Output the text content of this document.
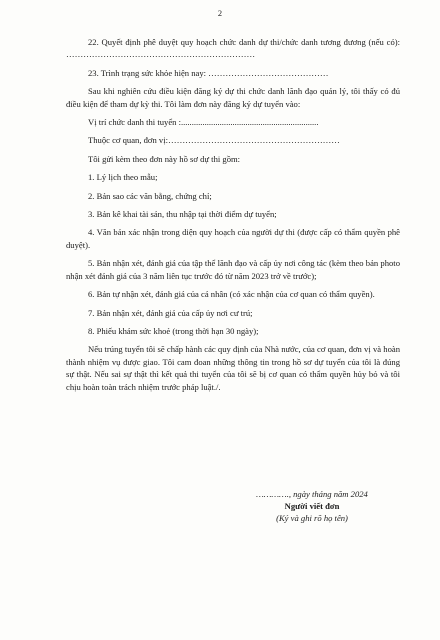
2

22. Quyết định phê duyệt quy hoạch chức danh dự thi/chức danh tương đương (nếu có): …………………………………………………………

23. Trình trạng sức khỏe hiện nay: ……………………………………

Sau khi nghiên cứu điều kiện đăng ký dự thi chức danh lãnh đạo quản lý, tôi thấy có đủ điều kiện để tham dự kỳ thi. Tôi làm đơn này đăng ký dự tuyển vào:

Vị trí chức danh thi tuyển :................................................................

Thuộc cơ quan, đơn vị:……………………………………………………

Tôi gửi kèm theo đơn này hồ sơ dự thi gồm:

1. Lý lịch theo mẫu;

2. Bản sao các văn bằng, chứng chỉ;

3. Bản kê khai tài sản, thu nhập tại thời điểm dự tuyển;

4. Văn bản xác nhận trong diện quy hoạch của người dự thi (được cấp có thẩm quyền phê duyệt).

5. Bản nhận xét, đánh giá của tập thể lãnh đạo và cấp ủy nơi công tác (kèm theo bản photo nhận xét đánh giá của 3 năm liên tục trước đó từ năm 2023 trở về trước);

6. Bản tự nhận xét, đánh giá của cá nhân (có xác nhận của cơ quan có thẩm quyền).

7. Bản nhận xét, đánh giá của cấp ủy nơi cư trú;

8. Phiếu khám sức khoẻ (trong thời hạn 30 ngày);

Nếu trúng tuyển tôi sẽ chấp hành các quy định của Nhà nước, của cơ quan, đơn vị và hoàn thành nhiệm vụ được giao. Tôi cam đoan những thông tin trong hồ sơ dự tuyển của tôi là đúng sự thật. Nếu sai sự thật thì kết quả thi tuyển của tôi sẽ bị cơ quan có thẩm quyền hủy bỏ và tôi chịu hoàn toàn trách nhiệm trước pháp luật./.

…………., ngày tháng năm 2024
Người viết đơn
(Ký và ghi rõ họ tên)
